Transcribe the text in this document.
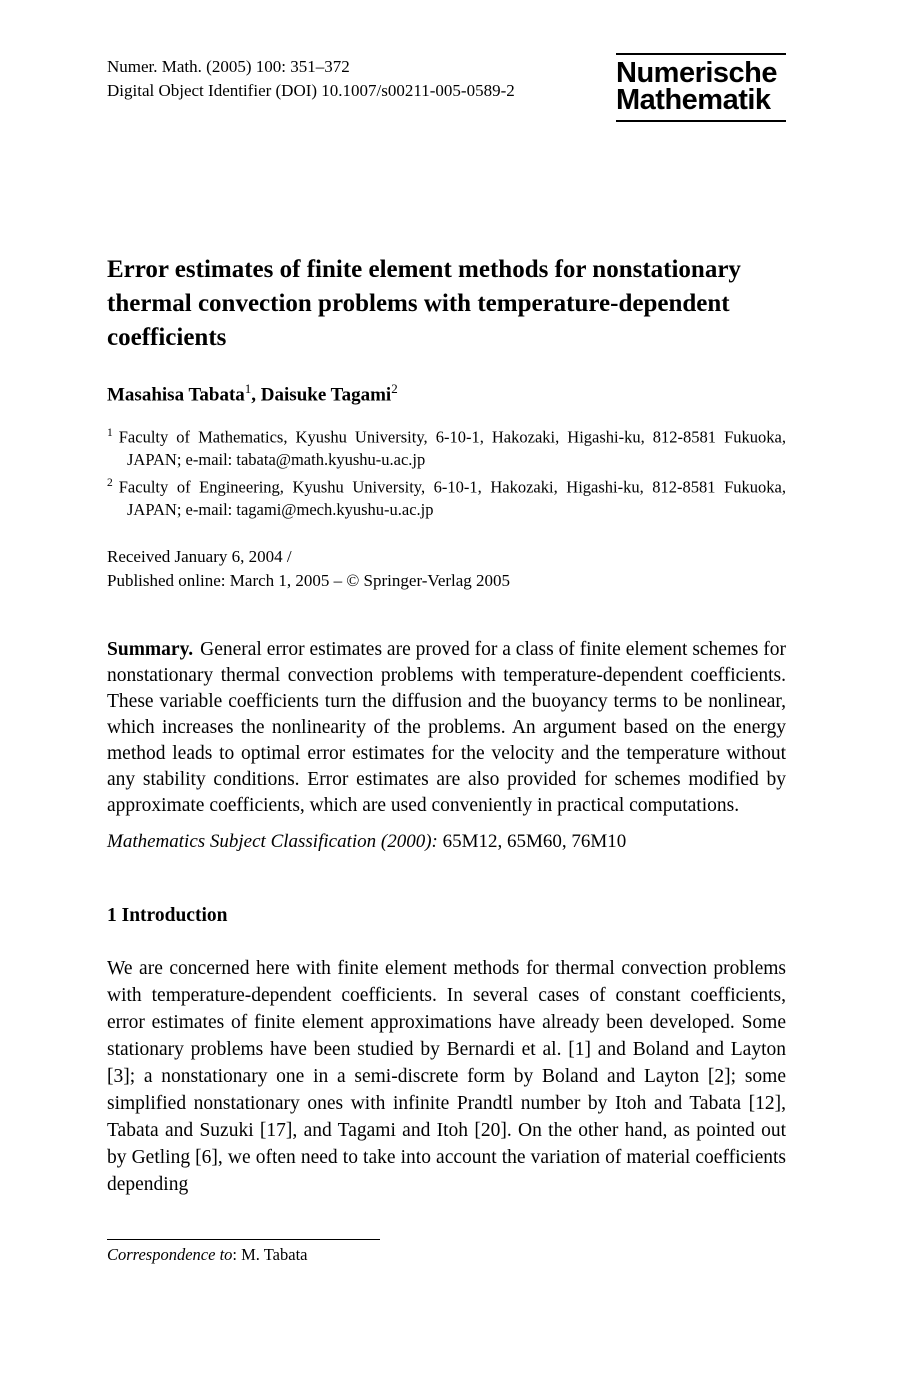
Numer. Math. (2005) 100: 351–372

Digital Object Identifier (DOI) 10.1007/s00211-005-0589-2

Numerische
Mathematik
Error estimates of finite element methods for nonstationary thermal convection problems with temperature-dependent coefficients

Masahisa Tabata$^1$, Daisuke Tagami$^2$

$^1$ Faculty of Mathematics, Kyushu University, 6-10-1, Hakozaki, Higashi-ku, 812-8581 Fukuoka, JAPAN; e-mail: tabata@math.kyushu-u.ac.jp
$^2$ Faculty of Engineering, Kyushu University, 6-10-1, Hakozaki, Higashi-ku, 812-8581 Fukuoka, JAPAN; e-mail: tagami@mech.kyushu-u.ac.jp

Received January 6, 2004 /

Published online: March 1, 2005 – © Springer-Verlag 2005

Summary. General error estimates are proved for a class of finite element schemes for nonstationary thermal convection problems with temperature-dependent coefficients. These variable coefficients turn the diffusion and the buoyancy terms to be nonlinear, which increases the nonlinearity of the problems. An argument based on the energy method leads to optimal error estimates for the velocity and the temperature without any stability conditions. Error estimates are also provided for schemes modified by approximate coefficients, which are used conveniently in practical computations.

Mathematics Subject Classification (2000): 65M12, 65M60, 76M10

1 Introduction

We are concerned here with finite element methods for thermal convection problems with temperature-dependent coefficients. In several cases of constant coefficients, error estimates of finite element approximations have already been developed. Some stationary problems have been studied by Bernardi et al. [1] and Boland and Layton [3]; a nonstationary one in a semi-discrete form by Boland and Layton [2]; some simplified nonstationary ones with infinite Prandtl number by Itoh and Tabata [12], Tabata and Suzuki [17], and Tagami and Itoh [20]. On the other hand, as pointed out by Getling [6], we often need to take into account the variation of material coefficients depending

Correspondence to: M. Tabata
